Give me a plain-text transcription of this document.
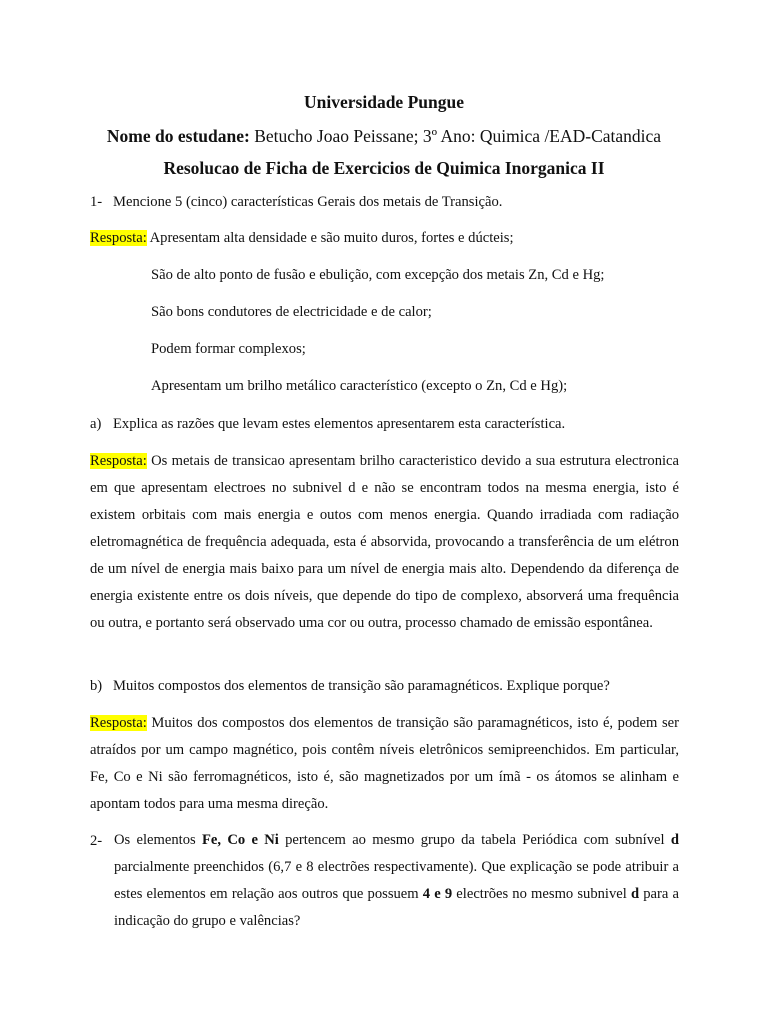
Universidade Pungue
Nome do estudane: Betucho Joao Peissane; 3º Ano: Quimica /EAD-Catandica
Resolucao de Ficha de Exercicios de Quimica Inorganica II
1- Mencione 5 (cinco) características Gerais dos metais de Transição.
Resposta: Apresentam alta densidade e são muito duros, fortes e dúcteis;
São de alto ponto de fusão e ebulição, com excepção dos metais Zn, Cd e Hg;
São bons condutores de electricidade e de calor;
Podem formar complexos;
Apresentam um brilho metálico característico (excepto o Zn, Cd e Hg);
a) Explica as razões que levam estes elementos apresentarem esta característica.
Resposta: Os metais de transicao apresentam brilho caracteristico devido a sua estrutura electronica em que apresentam electroes no subnivel d e não se encontram todos na mesma energia, isto é existem orbitais com mais energia e outos com menos energia. Quando irradiada com radiação eletromagnética de frequência adequada, esta é absorvida, provocando a transferência de um elétron de um nível de energia mais baixo para um nível de energia mais alto. Dependendo da diferença de energia existente entre os dois níveis, que depende do tipo de complexo, absorverá uma frequência ou outra, e portanto será observado uma cor ou outra, processo chamado de emissão espontânea.
b) Muitos compostos dos elementos de transição são paramagnéticos. Explique porque?
Resposta: Muitos dos compostos dos elementos de transição são paramagnéticos, isto é, podem ser atraídos por um campo magnético, pois contêm níveis eletrônicos semipreenchidos. Em particular, Fe, Co e Ni são ferromagnéticos, isto é, são magnetizados por um ímã - os átomos se alinham e apontam todos para uma mesma direção.
2- Os elementos Fe, Co e Ni pertencem ao mesmo grupo da tabela Periódica com subnível d parcialmente preenchidos (6,7 e 8 electrões respectivamente). Que explicação se pode atribuir a estes elementos em relação aos outros que possuem 4 e 9 electrões no mesmo subnivel d para a indicação do grupo e valências?
